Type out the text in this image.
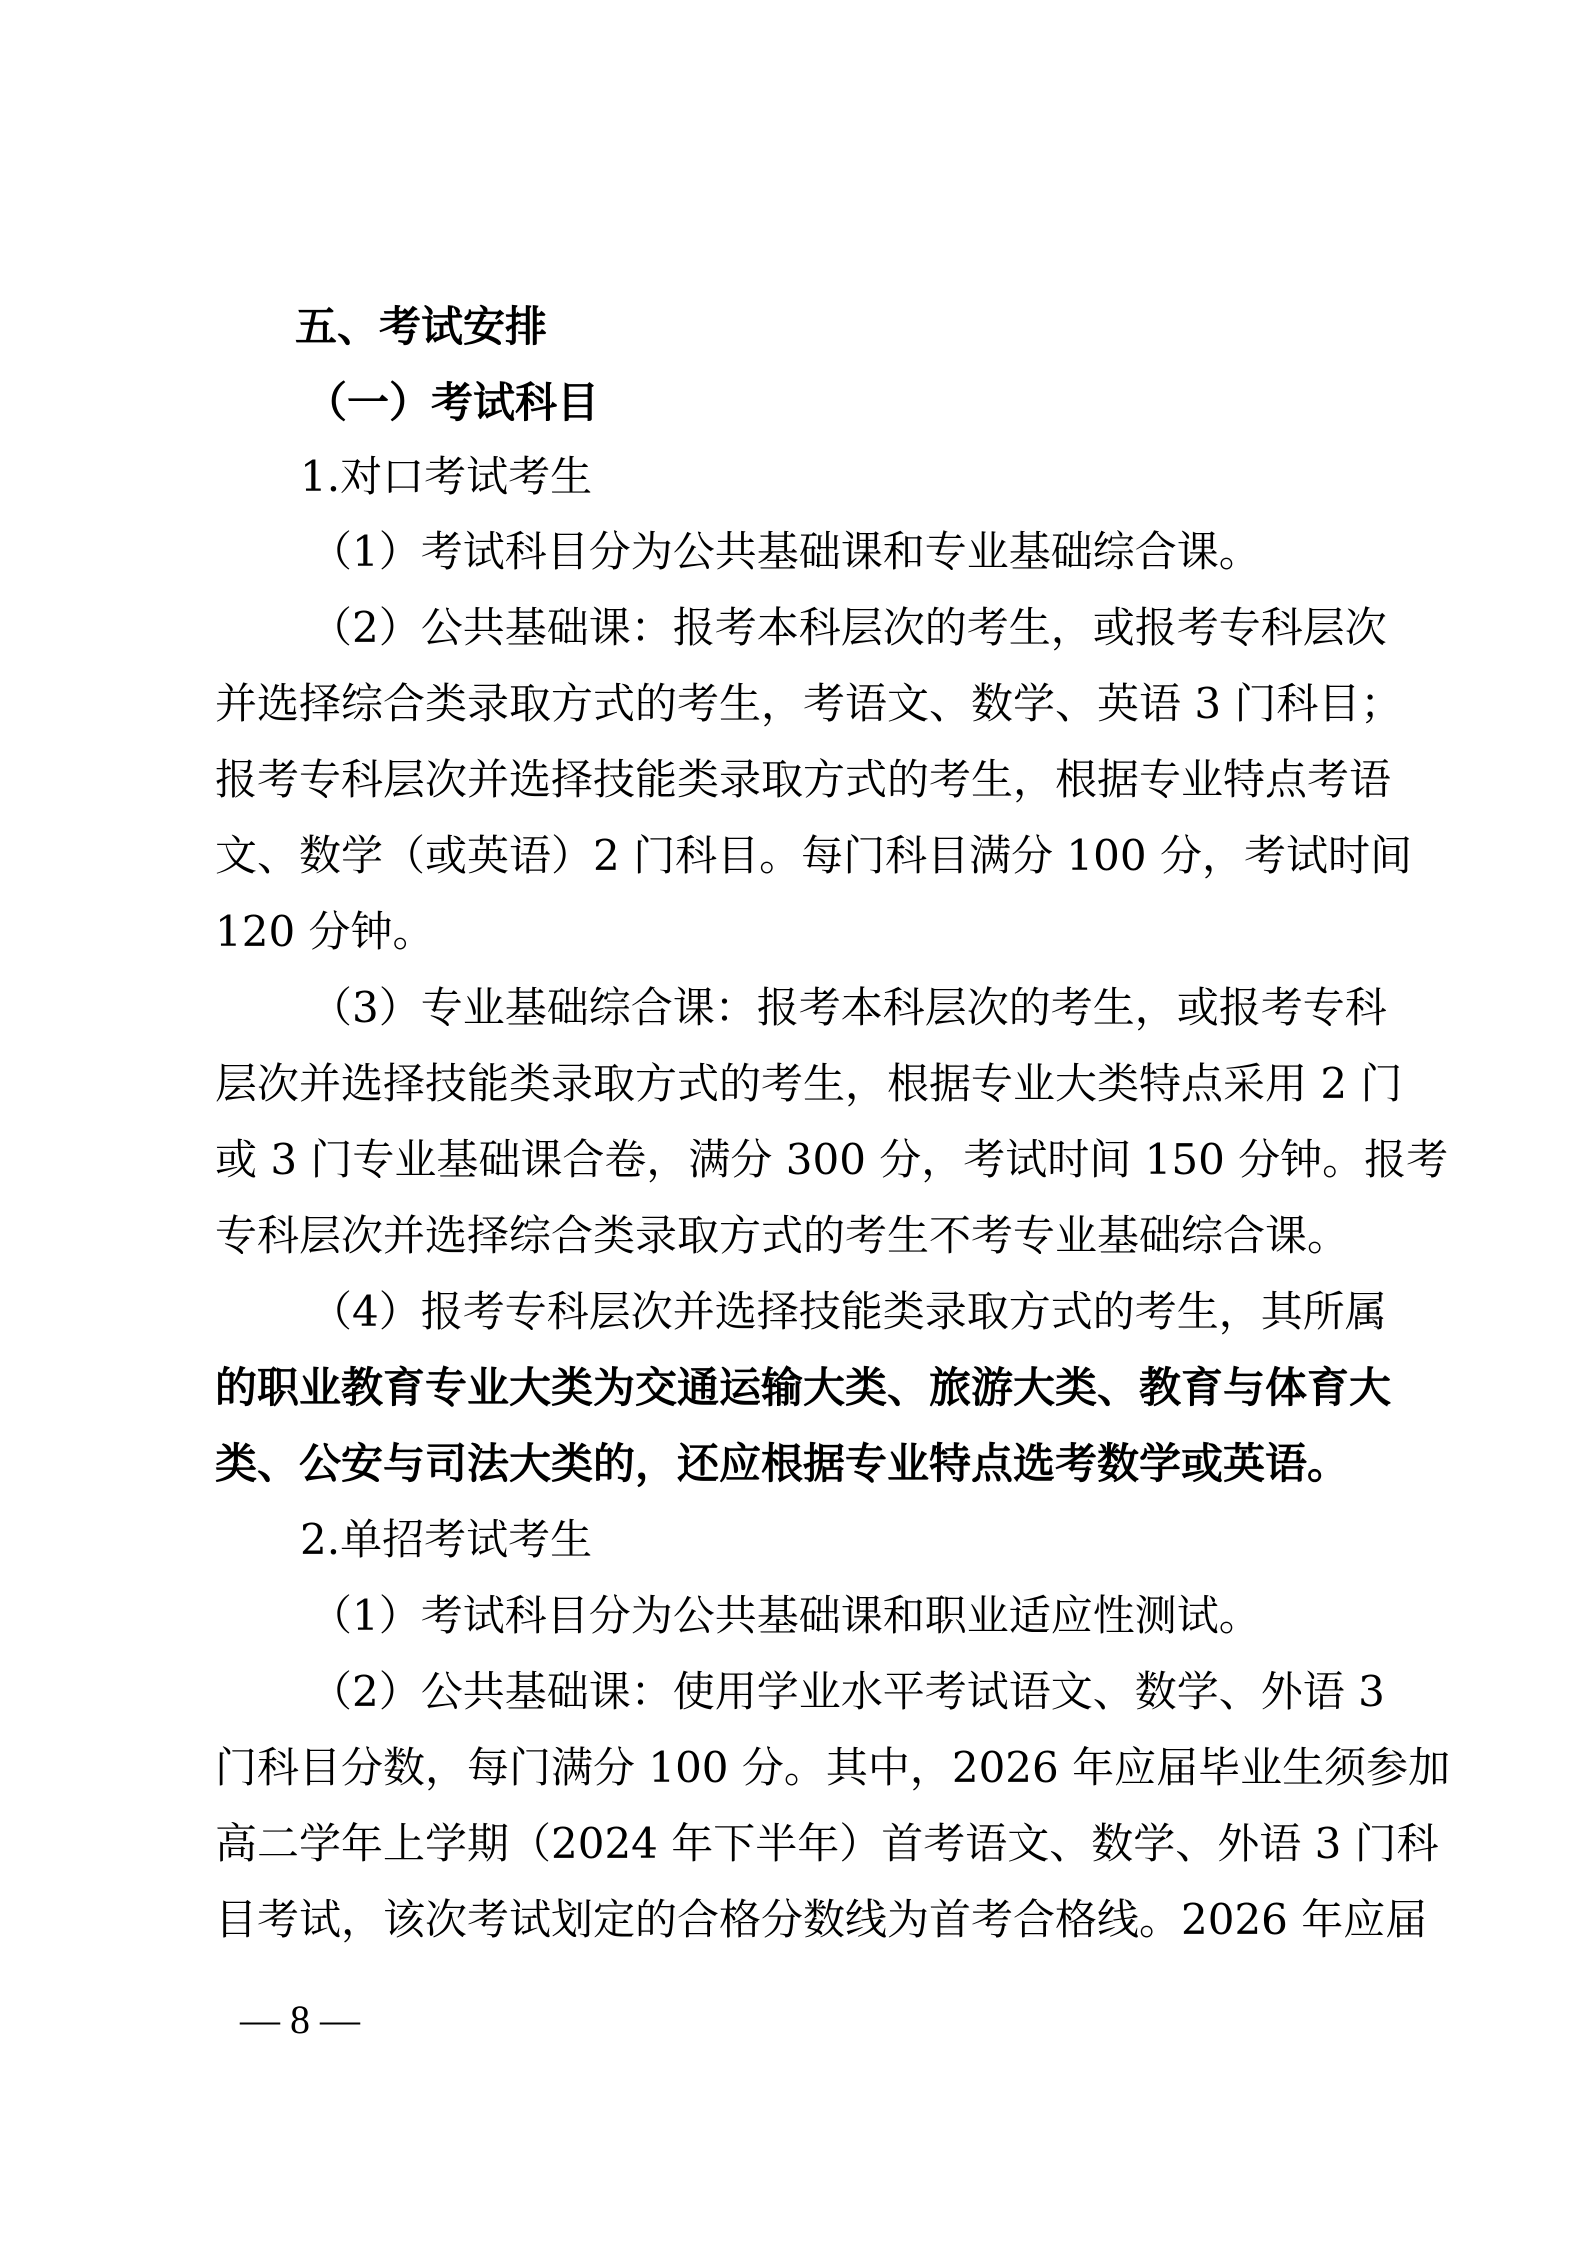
五、考试安排
（一）考试科目
1.对口考试考生
（1）考试科目分为公共基础课和专业基础综合课。
（2）公共基础课：报考本科层次的考生，或报考专科层次
并选择综合类录取方式的考生，考语文、数学、英语 3 门科目；
报考专科层次并选择技能类录取方式的考生，根据专业特点考语
文、数学（或英语）2 门科目。每门科目满分 100 分，考试时间
120 分钟。
（3）专业基础综合课：报考本科层次的考生，或报考专科
层次并选择技能类录取方式的考生，根据专业大类特点采用 2 门
或 3 门专业基础课合卷，满分 300 分，考试时间 150 分钟。报考
专科层次并选择综合类录取方式的考生不考专业基础综合课。
（4）报考专科层次并选择技能类录取方式的考生，其所属
的职业教育专业大类为交通运输大类、旅游大类、教育与体育大
类、公安与司法大类的，还应根据专业特点选考数学或英语。
2.单招考试考生
（1）考试科目分为公共基础课和职业适应性测试。
（2）公共基础课：使用学业水平考试语文、数学、外语 3
门科目分数，每门满分 100 分。其中，2026 年应届毕业生须参加
高二学年上学期（2024 年下半年）首考语文、数学、外语 3 门科
目考试，该次考试划定的合格分数线为首考合格线。2026 年应届
— 8 —
